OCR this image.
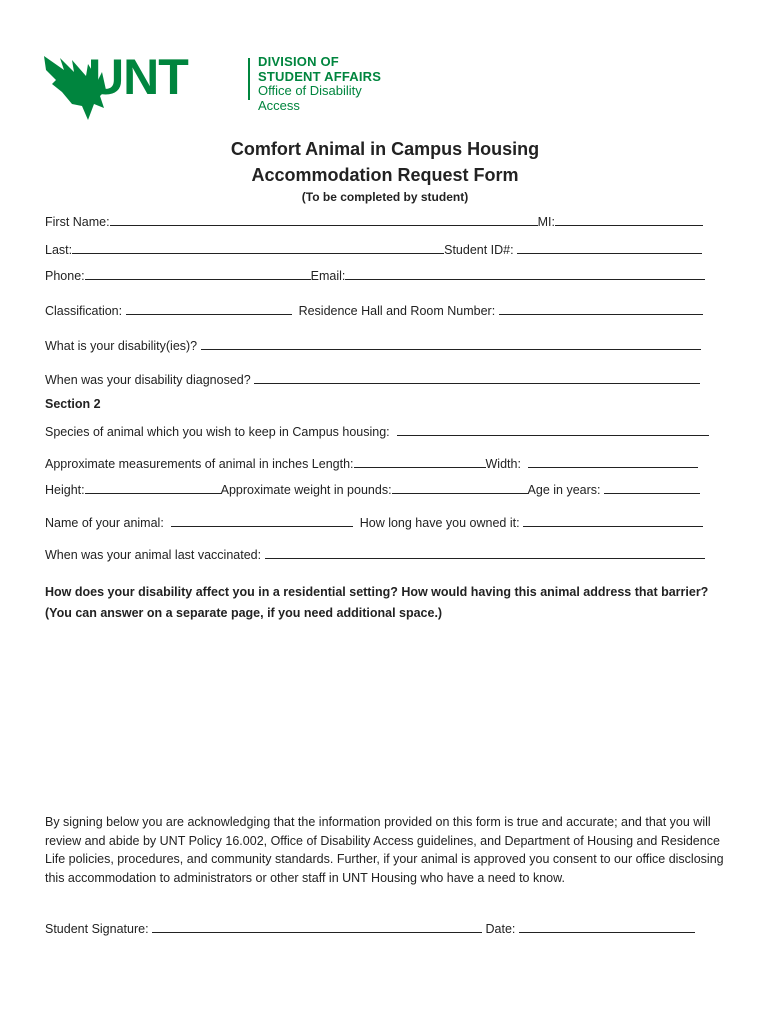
UNT	DIVISION OF
STUDENT AFFAIRS
Office of Disability Access
Comfort Animal in Campus Housing
Accommodation Request Form
(To be completed by student)
First Name:	MI:
Last:	Student ID#:
Phone:	Email:
Classification:	Residence Hall and Room Number:
What is your disability(ies)?
When was your disability diagnosed?
Section 2
Species of animal which you wish to keep in Campus housing:
Approximate measurements of animal in inches Length:	Width:
Height:	Approximate weight in pounds:	Age in years:
Name of your animal:	How long have you owned it:
When was your animal last vaccinated:
How does your disability affect you in a residential setting? How would having this animal address that barrier?
(You can answer on a separate page, if you need additional space.)
By signing below you are acknowledging that the information provided on this form is true and accurate; and that you will review and abide by UNT Policy 16.002, Office of Disability Access guidelines, and Department of Housing and Residence Life policies, procedures, and community standards. Further, if your animal is approved you consent to our office disclosing this accommodation to administrators or other staff in UNT Housing who have a need to know.
Student Signature:	Date:
